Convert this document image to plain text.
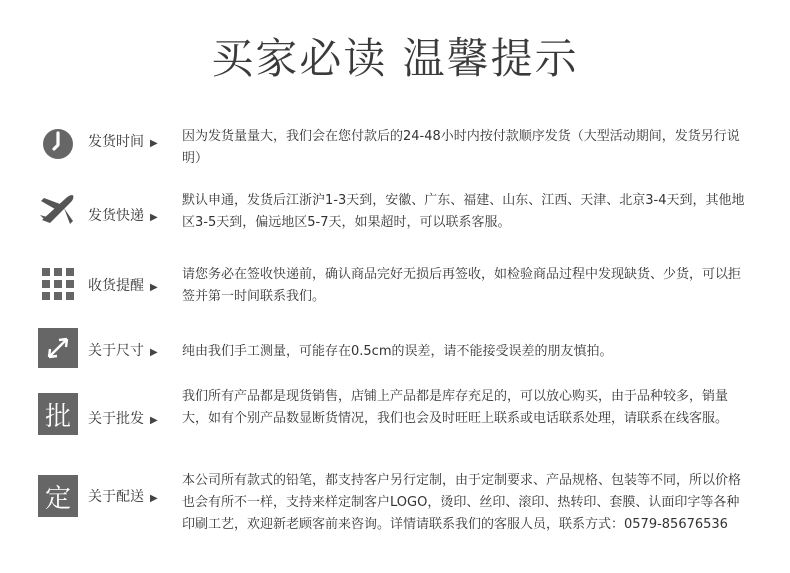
买家必读 温馨提示
发货时间 ▶ 因为发货量量大，我们会在您付款后的24-48小时内按付款顺序发货（大型活动期间，发货另行说明）
发货快递 ▶
默认申通，发货后江浙沪1-3天到，安徽、广东、福建、山东、江西、天津、北京3-4天到，其他地区3-5天到，偏远地区5-7天，如果超时，可以联系客服。
收货提醒 ▶
请您务必在签收快递前，确认商品完好无损后再签收，如检验商品过程中发现缺货、少货，可以拒签并第一时间联系我们。
关于尺寸 ▶ 纯由我们手工测量，可能存在0.5cm的误差，请不能接受误差的朋友慎拍。
批	关于批发 ▶
我们所有产品都是现货销售，店铺上产品都是库存充足的，可以放心购买，由于品种较多，销量大，如有个别产品数显断货情况，我们也会及时旺旺上联系或电话联系处理，请联系在线客服。
定	关于配送 ▶
本公司所有款式的铅笔，都支持客户另行定制，由于定制要求、产品规格、包装等不同，所以价格也会有所不一样，支持来样定制客户LOGO，烫印、丝印、滚印、热转印、套膜、认面印字等各种印刷工艺，欢迎新老顾客前来咨询。详情请联系我们的客服人员，联系方式：0579-85676536
